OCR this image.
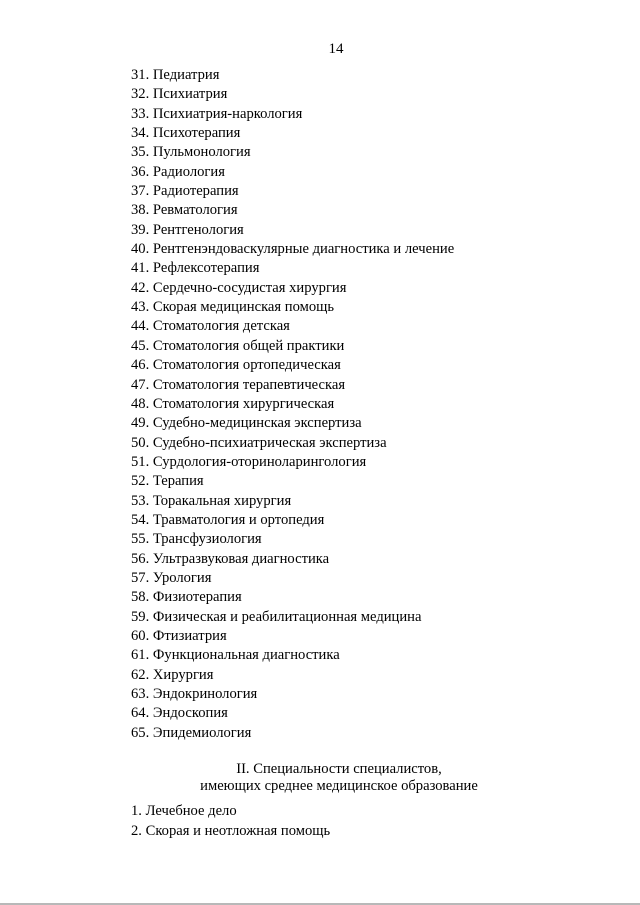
14
31. Педиатрия
32. Психиатрия
33. Психиатрия-наркология
34. Психотерапия
35. Пульмонология
36. Радиология
37. Радиотерапия
38. Ревматология
39. Рентгенология
40. Рентгенэндоваскулярные диагностика и лечение
41. Рефлексотерапия
42. Сердечно-сосудистая хирургия
43. Скорая медицинская помощь
44. Стоматология детская
45. Стоматология общей практики
46. Стоматология ортопедическая
47. Стоматология терапевтическая
48. Стоматология хирургическая
49. Судебно-медицинская экспертиза
50. Судебно-психиатрическая экспертиза
51. Сурдология-оториноларингология
52. Терапия
53. Торакальная хирургия
54. Травматология и ортопедия
55. Трансфузиология
56. Ультразвуковая диагностика
57. Урология
58. Физиотерапия
59. Физическая и реабилитационная медицина
60. Фтизиатрия
61. Функциональная диагностика
62. Хирургия
63. Эндокринология
64. Эндоскопия
65. Эпидемиология
II. Специальности специалистов,
имеющих среднее медицинское образование
1. Лечебное дело
2. Скорая и неотложная помощь
